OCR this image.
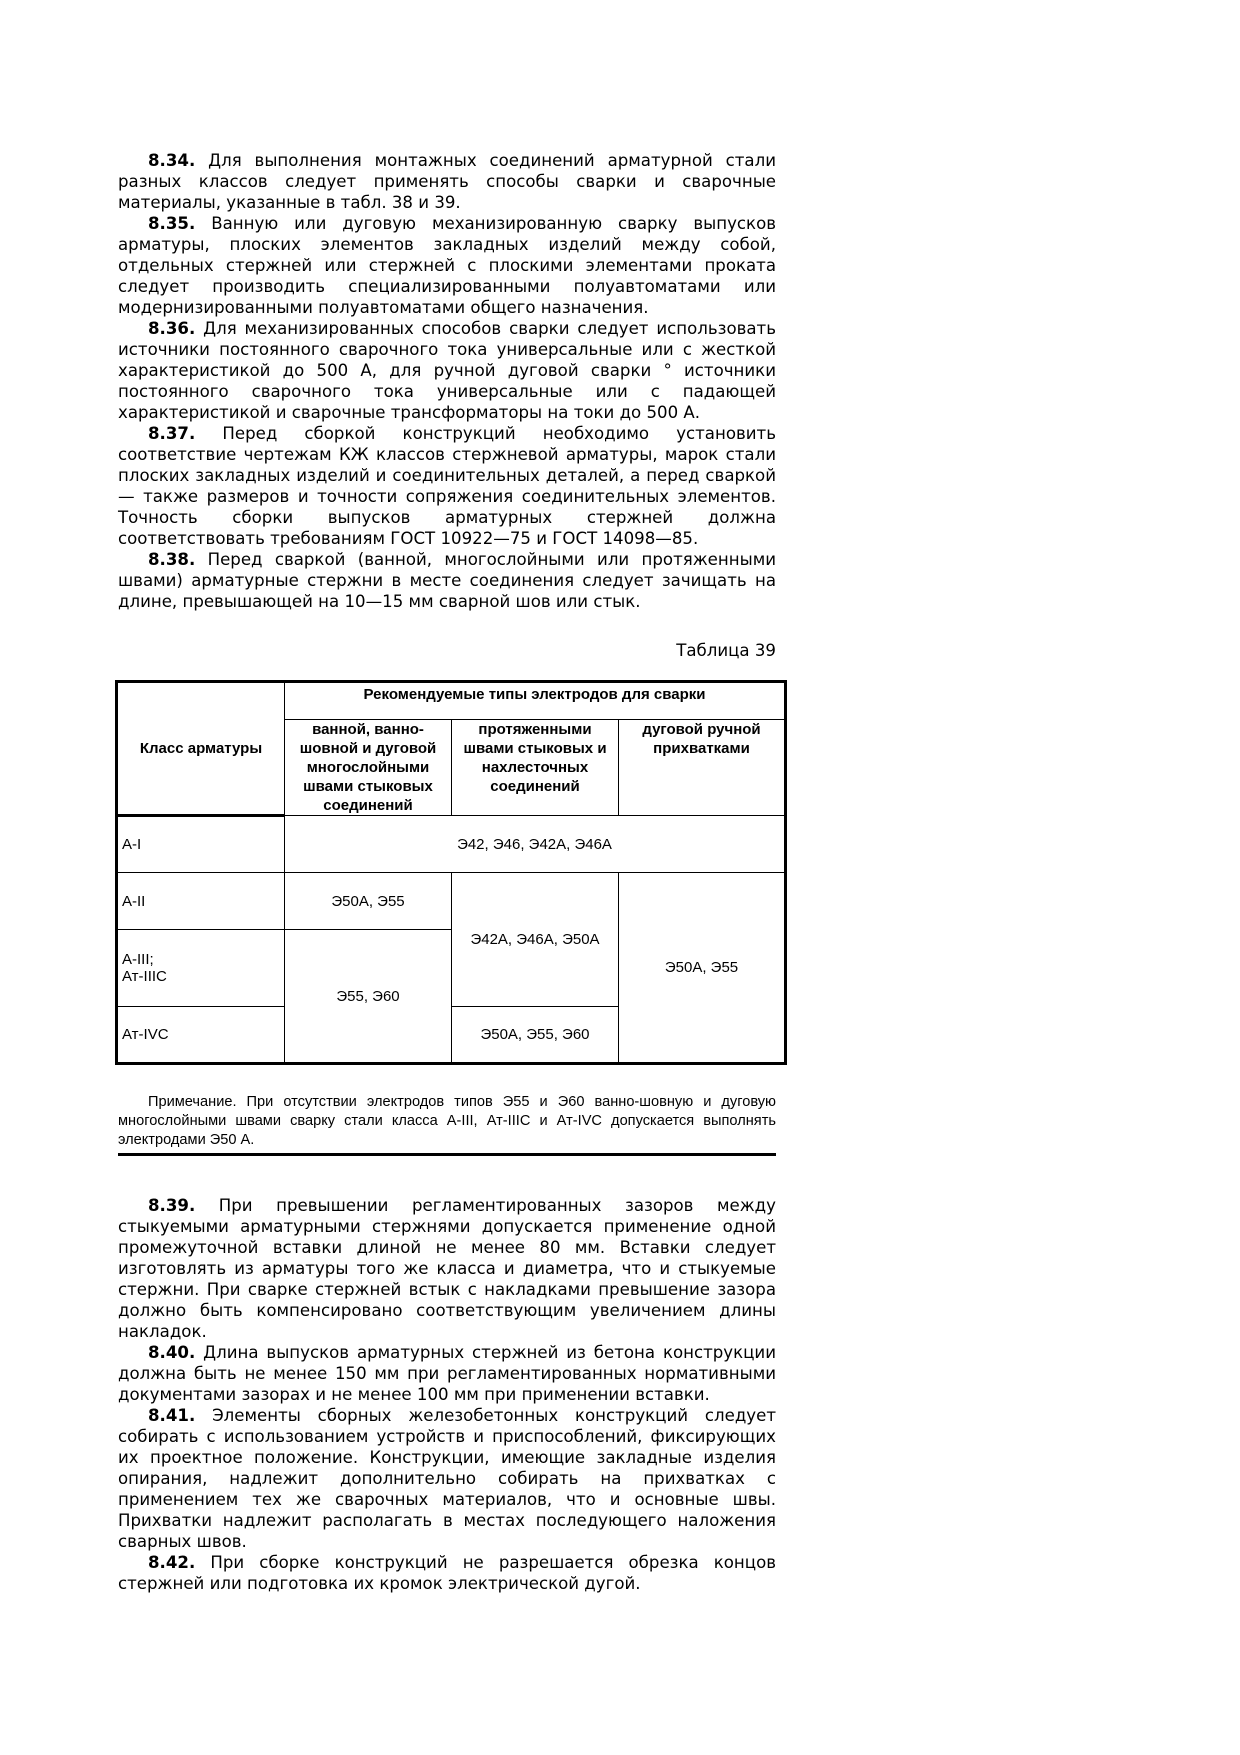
8.34. Для выполнения монтажных соединений арматурной стали разных классов следует применять способы сварки и сварочные материалы, указанные в табл. 38 и 39.

8.35. Ванную или дуговую механизированную сварку выпусков арматуры, плоских элементов закладных изделий между собой, отдельных стержней или стержней с плоскими элементами проката следует производить специализированными полуавтоматами или модернизированными полуавтоматами общего назначения.

8.36. Для механизированных способов сварки следует использовать источники постоянного сварочного тока универсальные или с жесткой характеристикой до 500 А, для ручной дуговой сварки ° источники постоянного сварочного тока универсальные или с падающей характеристикой и сварочные трансформаторы на токи до 500 А.

8.37. Перед сборкой конструкций необходимо установить соответствие чертежам КЖ классов стержневой арматуры, марок стали плоских закладных изделий и соединительных деталей, а перед сваркой — также размеров и точности сопряжения соединительных элементов. Точность сборки выпусков арматурных стержней должна соответствовать требованиям ГОСТ 10922—75 и ГОСТ 14098—85.

8.38. Перед сваркой (ванной, многослойными или протяженными швами) арматурные стержни в месте соединения следует зачищать на длине, превышающей на 10—15 мм сварной шов или стык.

Таблица 39
Класс арматуры	Рекомендуемые типы электродов для сварки		
	ванной, ванно-шовной и дуговой многослойными швами стыковых соединений	протяженными швами стыковых и нахлесточных соединений	дуговой ручной прихватками
А-I	Э42, Э46, Э42А, Э46А		
А-II	Э50А, Э55	Э42А, Э46А, Э50А	Э50А, Э55

А-III;
Ат-IIIС	Э55, Э60		
Ат-IVС		Э50А, Э55, Э60	

Примечание. При отсутствии электродов типов Э55 и Э60 ванно-шовную и дуговую многослойными швами сварку стали класса А-III, Ат-IIIС и Ат-IVС допускается выполнять электродами Э50 А.

8.39. При превышении регламентированных зазоров между стыкуемыми арматурными стержнями допускается применение одной промежуточной вставки длиной не менее 80 мм. Вставки следует изготовлять из арматуры того же класса и диаметра, что и стыкуемые стержни. При сварке стержней встык с накладками превышение зазора должно быть компенсировано соответствующим увеличением длины накладок.

8.40. Длина выпусков арматурных стержней из бетона конструкции должна быть не менее 150 мм при регламентированных нормативными документами зазорах и не менее 100 мм при применении вставки.

8.41. Элементы сборных железобетонных конструкций следует собирать с использованием устройств и приспособлений, фиксирующих их проектное положение. Конструкции, имеющие закладные изделия опирания, надлежит дополнительно собирать на прихватках с применением тех же сварочных материалов, что и основные швы. Прихватки надлежит располагать в местах последующего наложения сварных швов.

8.42. При сборке конструкций не разрешается обрезка концов стержней или подготовка их кромок электрической дугой.
